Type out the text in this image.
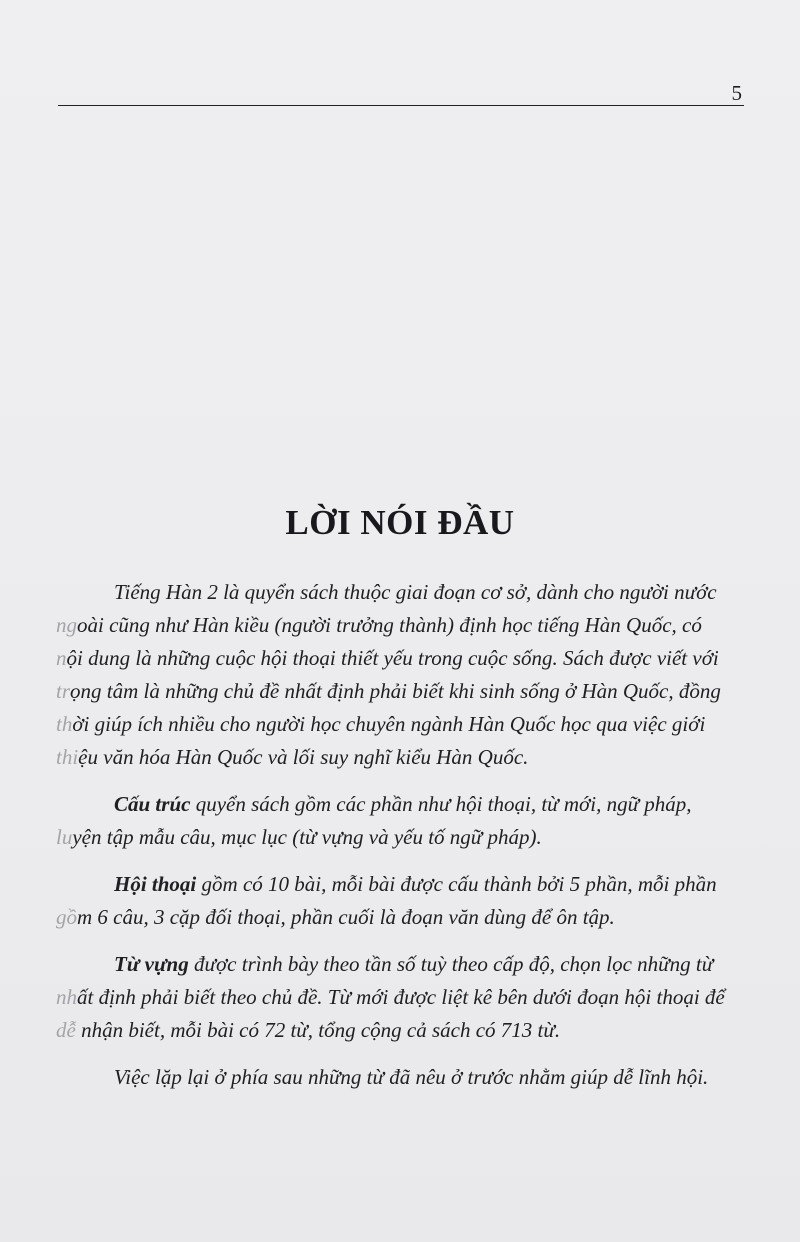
5
LỜI NÓI ĐẦU
Tiếng Hàn 2 là quyển sách thuộc giai đoạn cơ sở, dành cho người nước
ngoài cũng như Hàn kiều (người trưởng thành) định học tiếng Hàn Quốc, có
nội dung là những cuộc hội thoại thiết yếu trong cuộc sống. Sách được viết với
trọng tâm là những chủ đề nhất định phải biết khi sinh sống ở Hàn Quốc, đồng
thời giúp ích nhiều cho người học chuyên ngành Hàn Quốc học qua việc giới
thiệu văn hóa Hàn Quốc và lối suy nghĩ kiểu Hàn Quốc.
Cấu trúc quyển sách gồm các phần như hội thoại, từ mới, ngữ pháp,
luyện tập mẫu câu, mục lục (từ vựng và yếu tố ngữ pháp).
Hội thoại gồm có 10 bài, mỗi bài được cấu thành bởi 5 phần, mỗi phần
gồm 6 câu, 3 cặp đối thoại, phần cuối là đoạn văn dùng để ôn tập.
Từ vựng được trình bày theo tần số tuỳ theo cấp độ, chọn lọc những từ
nhất định phải biết theo chủ đề. Từ mới được liệt kê bên dưới đoạn hội thoại để
dễ nhận biết, mỗi bài có 72 từ, tổng cộng cả sách có 713 từ.
Việc lặp lại ở phía sau những từ đã nêu ở trước nhằm giúp dễ lĩnh hội.
